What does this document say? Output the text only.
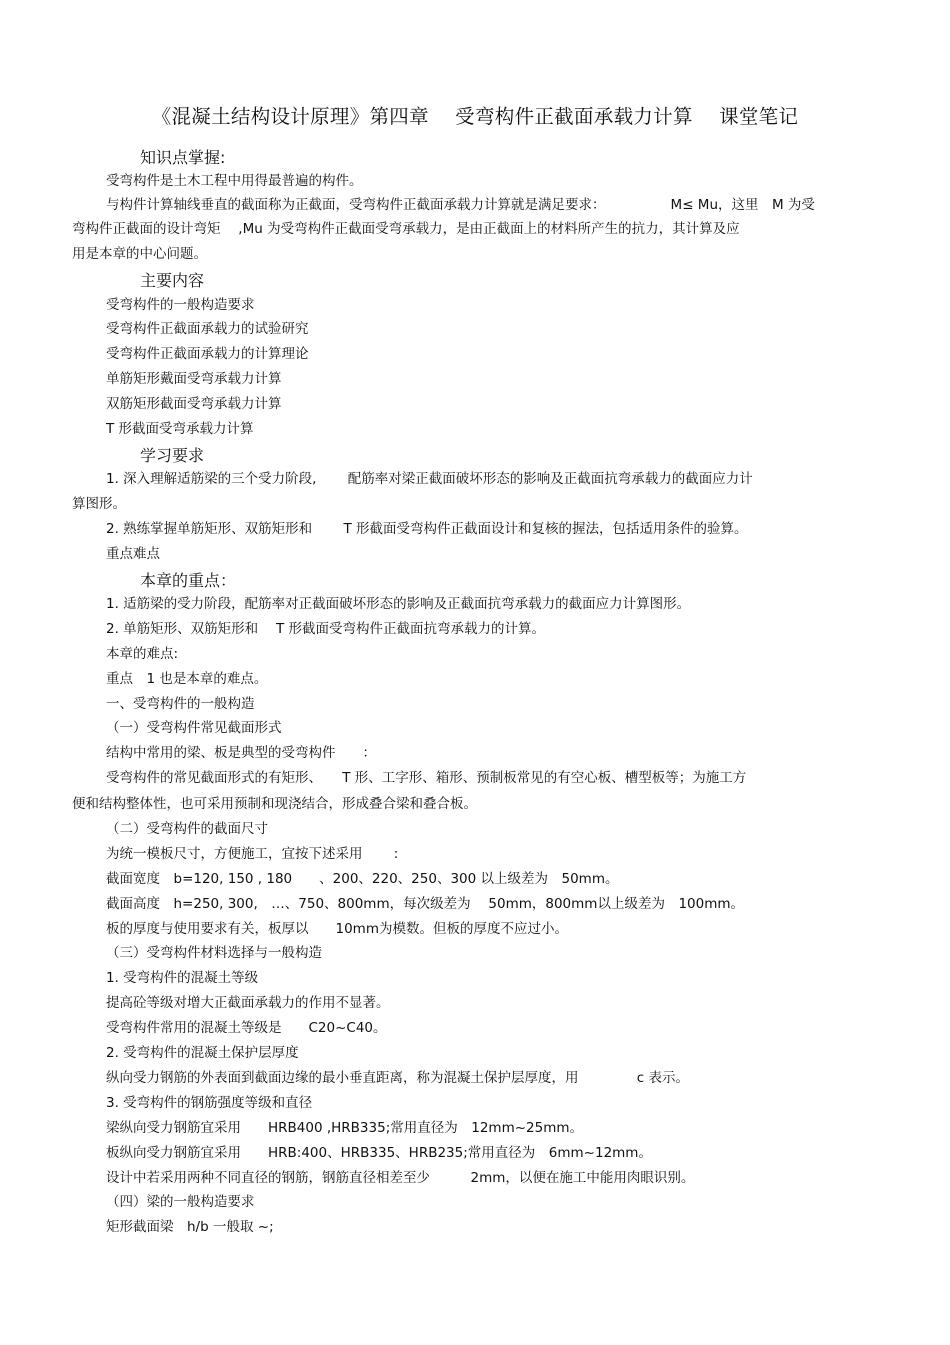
《混凝土结构设计原理》第四章　 受弯构件正截面承载力计算　 课堂笔记
知识点掌握:
受弯构件是土木工程中用得最普遍的构件。
与构件计算轴线垂直的截面称为正截面，受弯构件正截面承载力计算就是满足要求：　　　　　 M≤ Mu，这里　M 为受
弯构件正截面的设计弯矩　 ,Mu 为受弯构件正截面受弯承载力，是由正截面上的材料所产生的抗力，其计算及应
用是本章的中心问题。
主要内容
受弯构件的一般构造要求
受弯构件正截面承载力的试验研究
受弯构件正截面承载力的计算理论
单筋矩形戴面受弯承载力计算
双筋矩形截面受弯承载力计算
T 形截面受弯承载力计算
学习要求
1. 深入理解适筋梁的三个受力阶段,　　 配筋率对梁正截面破坏形态的影响及正截面抗弯承载力的截面应力计
算图形。
2. 熟练掌握单筋矩形、双筋矩形和　　 T 形截面受弯构件正截面设计和复核的握法，包括适用条件的验算。
重点难点
本章的重点：
1. 适筋梁的受力阶段，配筋率对正截面破坏形态的影响及正截面抗弯承载力的截面应力计算图形。
2. 单筋矩形、双筋矩形和　 T 形截面受弯构件正截面抗弯承载力的计算。
本章的难点:
重点　1 也是本章的难点。
一、受弯构件的一般构造
（一）受弯构件常见截面形式
结构中常用的梁、板是典型的受弯构件　　：
受弯构件的常见截面形式的有矩形、　　T 形、工字形、箱形、预制板常见的有空心板、槽型板等；为施工方
便和结构整体性，也可采用预制和现浇结合，形成叠合梁和叠合板。
（二）受弯构件的截面尺寸
为统一模板尺寸，方便施工，宜按下述采用　　 :
截面宽度　b=120, 150 , 180　　、200、220、250、300 以上级差为　50mm。
截面高度　h=250, 300,　…、750、800mm，每次级差为　 50mm，800mm以上级差为　100mm。
板的厚度与使用要求有关，板厚以　　10mm为模数。但板的厚度不应过小。
（三）受弯构件材料选择与一般构造
1. 受弯构件的混凝土等级
提高砼等级对增大正截面承载力的作用不显著。
受弯构件常用的混凝土等级是　　C20~C40。
2. 受弯构件的混凝土保护层厚度
纵向受力钢筋的外表面到截面边缘的最小垂直距离，称为混凝土保护层厚度，用　　　　 c 表示。
3. 受弯构件的钢筋强度等级和直径
梁纵向受力钢筋宜采用　　HRB400 ,HRB335;常用直径为　12mm~25mm。
板纵向受力钢筋宜采用　　HRB:400、HRB335、HRB235;常用直径为　6mm~12mm。
设计中若采用两种不同直径的钢筋，钢筋直径相差至少　　　2mm，以便在施工中能用肉眼识别。
（四）梁的一般构造要求
矩形截面梁　h/b 一般取 ~;
